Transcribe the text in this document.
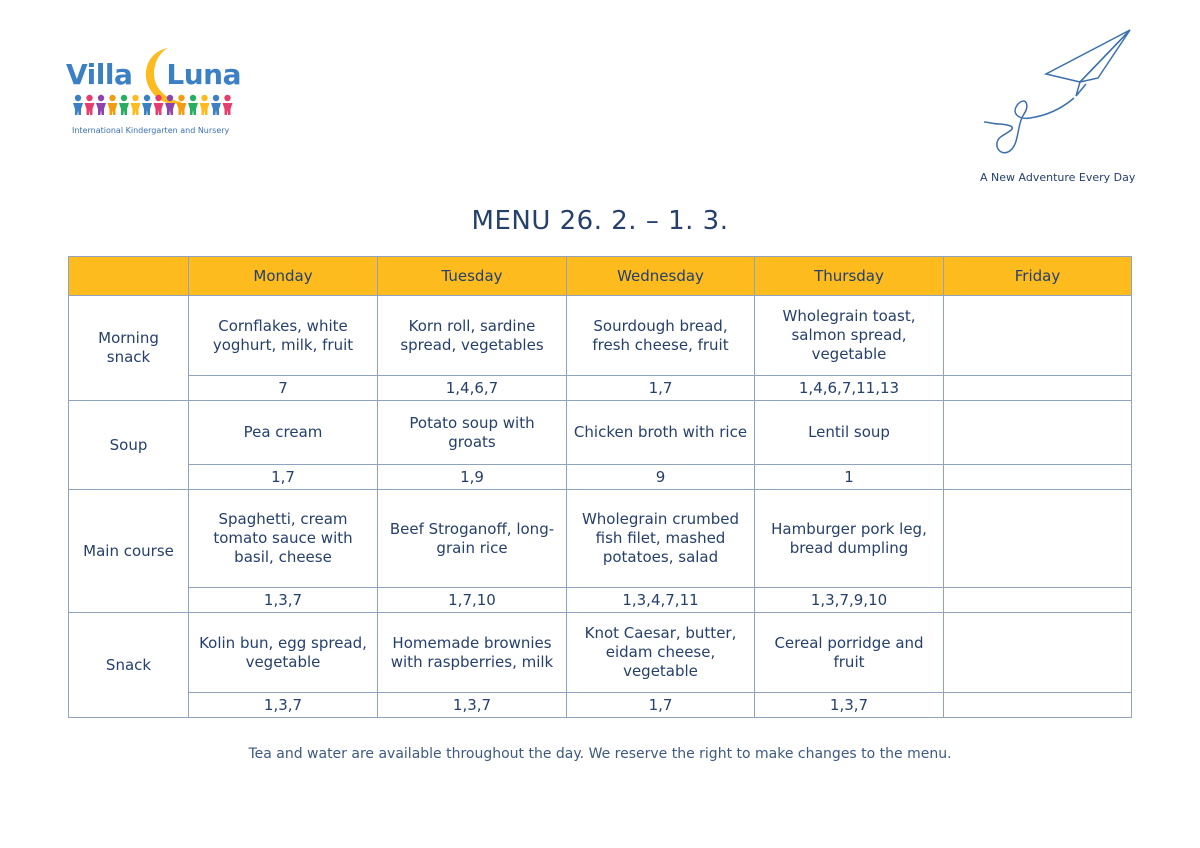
Villa Luna
International Kindergarten and Nursery
A New Adventure Every Day
MENU 26. 2. – 1. 3.
	Monday	Tuesday	Wednesday	Thursday	Friday
Morning snack	Cornflakes, white yoghurt, milk, fruit	Korn roll, sardine spread, vegetables	Sourdough bread, fresh cheese, fruit	Wholegrain toast, salmon spread, vegetable	
	7	1,4,6,7	1,7	1,4,6,7,11,13	
Soup	Pea cream	Potato soup with groats	Chicken broth with rice	Lentil soup	
	1,7	1,9	9	1	
Main course	Spaghetti, cream tomato sauce with basil, cheese	Beef Stroganoff, long-grain rice	Wholegrain crumbed fish filet, mashed potatoes, salad	Hamburger pork leg, bread dumpling	
	1,3,7	1,7,10	1,3,4,7,11	1,3,7,9,10	
Snack	Kolin bun, egg spread, vegetable	Homemade brownies with raspberries, milk	Knot Caesar, butter, eidam cheese, vegetable	Cereal porridge and fruit	
	1,3,7	1,3,7	1,7	1,3,7	
Tea and water are available throughout the day. We reserve the right to make changes to the menu.
